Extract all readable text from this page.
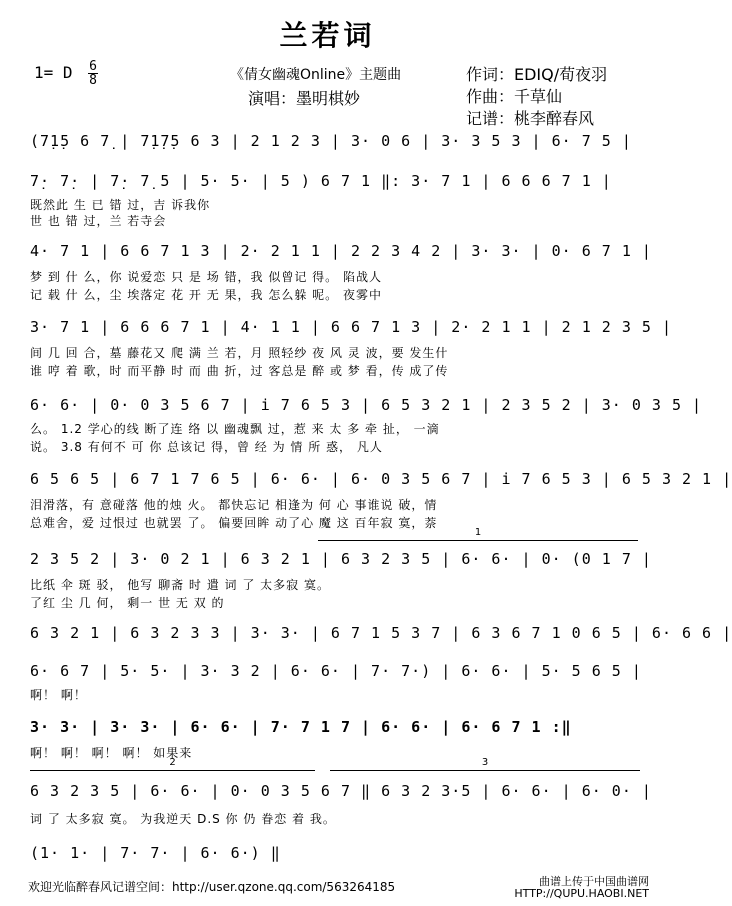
兰若词
1= D $\frac{6}{8}$	《倩女幽魂Online》主题曲
演唱：墨明棋妙
作词：EDIQ/荀夜羽
作曲：千草仙
记谱：桃李醉春风
(7̣1̣5 6 7̣ | 7̣1̣7̣5 6 3 | 2 1 2 3 | 3· 0 6 | 3· 3 5 3 | 6· 7 5 |
7̣· 7̣· | 7̣· 7̣ 5 | 5· 5· | 5 ) 6 7 1 ‖: 3· 7 1 | 6 6 6 7 1 |
既然此 生 已 错 过，吉 诉我你
世 也 错 过，兰 若寺会
4· 7 1 | 6 6 7 1 3 | 2· 2 1 1 | 2 2 3 4 2 | 3· 3· | 0· 6 7 1 |
梦 到 什 么，你 说爱恋 只 是 场 错，我 似曾记 得。 陷战人
记 载 什 么，尘 埃落定 花 开 无 果，我 怎么躲 呢。 夜雾中
3· 7 1 | 6 6 6 7 1 | 4· 1 1 | 6 6 7 1 3 | 2· 2 1 1 | 2 1 2 3 5 |
间 几 回 合，墓 藤花又 爬 满 兰 若，月 照轻纱 夜 风 灵 波，要 发生什
谁 哼 着 歌，时 而平静 时 而 曲 折，过 客总是 醉 或 梦 看，传 成了传
6· 6· | 0· 0 3 5 6 7 | i 7 6 5 3 | 6 5 3 2 1 | 2 3 5 2 | 3· 0 3 5 |
么。 1.2 学心的线 断了连 络 以 幽魂飘 过，惹 来 太 多 牵 扯， 一滴
说。 3.8 有何不 可 你 总该记 得，曾 经 为 情 所 惑， 凡人
6 5 6 5 | 6 7 1 7 6 5 | 6· 6· | 6· 0 3 5 6 7 | i 7 6 5 3 | 6 5 3 2 1 |
泪滑落，有 意碰落 他的烛 火。 都快忘记 相逢为 何 心 事谁说 破，情
总难舍，爱 过恨过 也就罢 了。 偏要回眸 动了心 魔 这 百年寂 寞，萘
1
2 3 5 2 | 3· 0 2 1 | 6 3 2 1 | 6 3 2 3 5 | 6· 6· | 0· (0 1 7 |
比纸 伞 斑 驳， 他写 聊斋 时 遣 词 了 太多寂 寞。
了红 尘 几 何， 剩一 世 无 双 的
6 3 2 1 | 6 3 2 3 3 | 3· 3· | 6 7 1 5 3 7 | 6 3 6 7 1 0 6 5 | 6· 6 6 |
6· 6 7 | 5· 5· | 3· 3 2 | 6· 6· | 7· 7·) | 6· 6· | 5· 5 6 5 |
啊！ 啊！
3· 3· | 3· 3· | 6· 6· | 7· 7 1 7 | 6· 6· | 6· 6 7 1 :‖
啊！ 啊！ 啊！ 啊！ 如果来
2	3
6 3 2 3 5 | 6· 6· | 0· 0 3 5 6 7 ‖ 6 3 2 3·5 | 6· 6· | 6· 0· |
词 了 太多寂 寞。 为我逆天 D.S 你 仍 眷恋 着 我。
(1· 1· | 7· 7· | 6· 6·) ‖
欢迎光临醉春风记谱空间：http://user.qzone.qq.com/563264185	曲谱上传于中国曲谱网
HTTP://QUPU.HAOBI.NET
